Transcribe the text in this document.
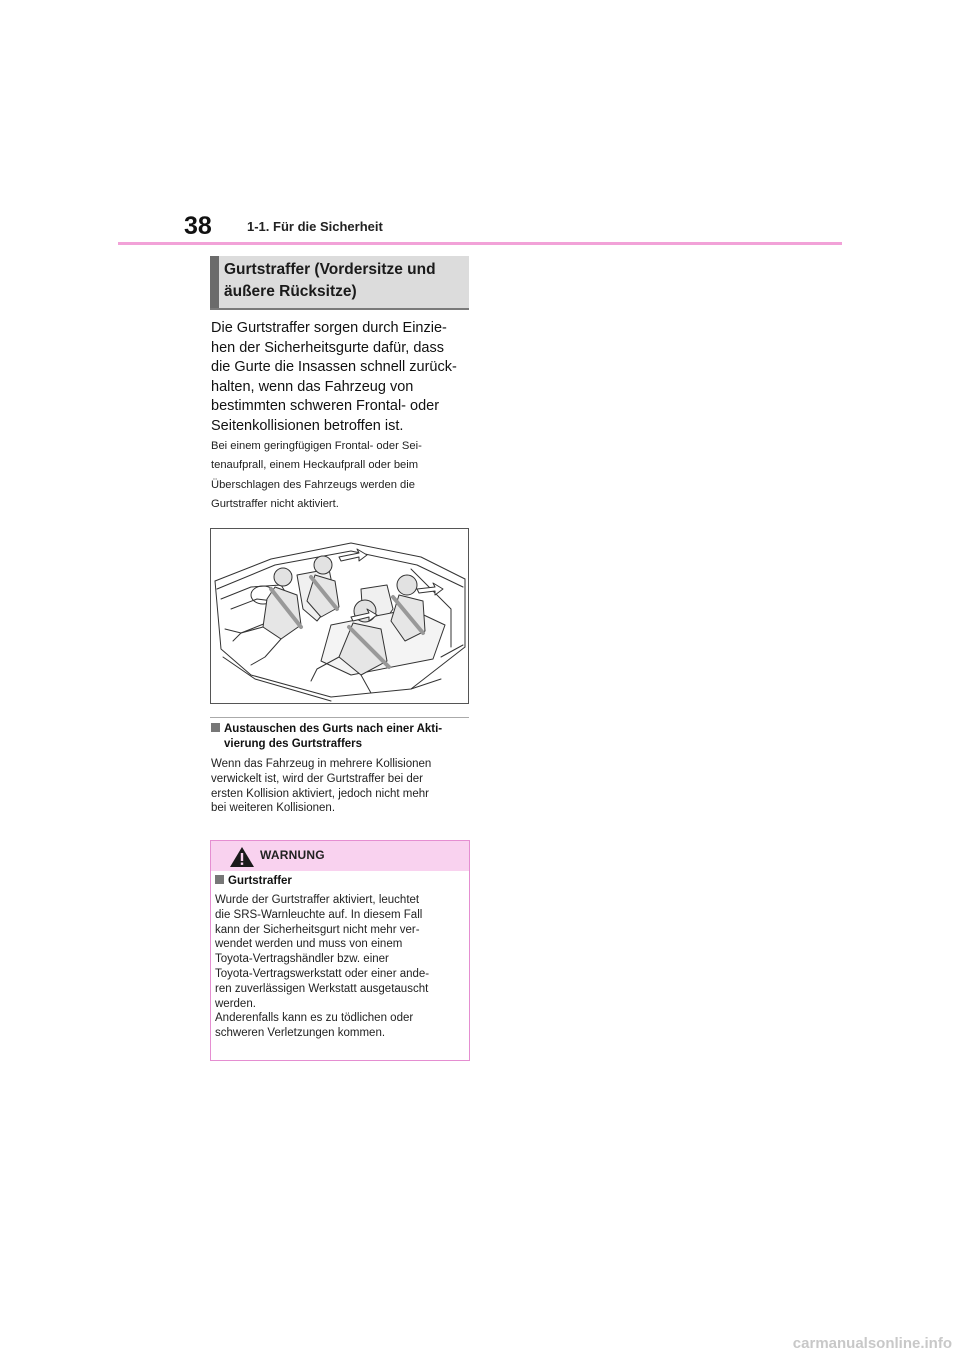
38	1-1. Für die Sicherheit
Gurtstraffer (Vordersitze und
äußere Rücksitze)
Die Gurtstraffer sorgen durch Einzie-
hen der Sicherheitsgurte dafür, dass
die Gurte die Insassen schnell zurück-
halten, wenn das Fahrzeug von
bestimmten schweren Frontal- oder
Seitenkollisionen betroffen ist.
Bei einem geringfügigen Frontal- oder Sei-
tenaufprall, einem Heckaufprall oder beim
Überschlagen des Fahrzeugs werden die
Gurtstraffer nicht aktiviert.
Austauschen des Gurts nach einer Akti-
vierung des Gurtstraffers
Wenn das Fahrzeug in mehrere Kollisionen
verwickelt ist, wird der Gurtstraffer bei der
ersten Kollision aktiviert, jedoch nicht mehr
bei weiteren Kollisionen.
WARNUNG
Gurtstraffer
Wurde der Gurtstraffer aktiviert, leuchtet
die SRS-Warnleuchte auf. In diesem Fall
kann der Sicherheitsgurt nicht mehr ver-
wendet werden und muss von einem
Toyota-Vertragshändler bzw. einer
Toyota-Vertragswerkstatt oder einer ande-
ren zuverlässigen Werkstatt ausgetauscht
werden.
Anderenfalls kann es zu tödlichen oder
schweren Verletzungen kommen.
carmanualsonline.info
